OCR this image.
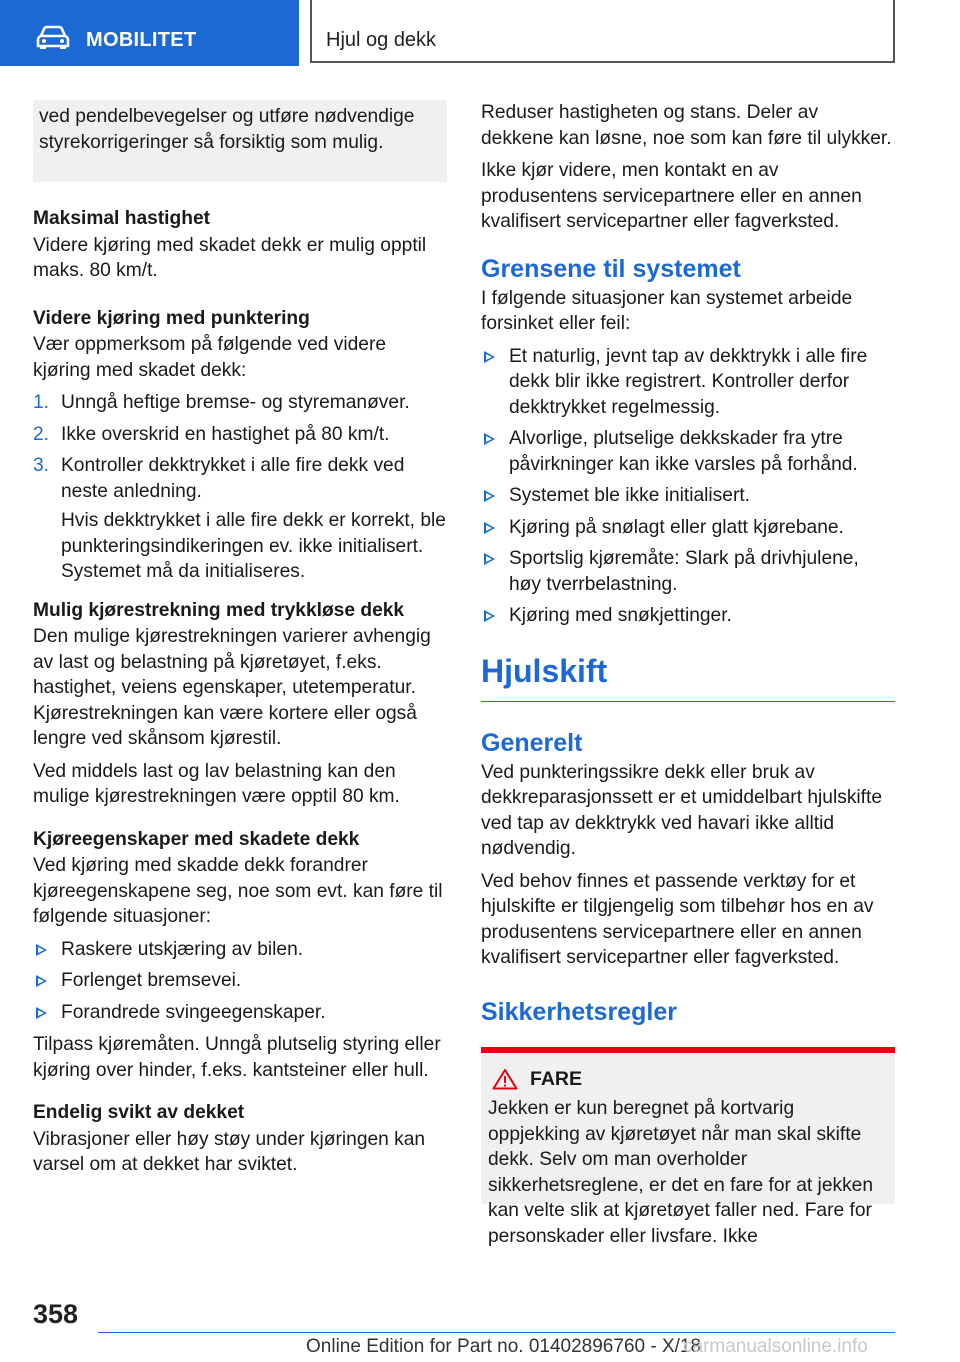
MOBILITET	Hjul og dekk

ved pendelbevegelser og utføre nødvendige styrekorrigeringer så forsiktig som mulig.

Maksimal hastighet

Videre kjøring med skadet dekk er mulig opptil maks. 80 km/t.

Videre kjøring med punktering

Vær oppmerksom på følgende ved videre kjøring med skadet dekk:

1. Unngå heftige bremse- og styremanøver.
2. Ikke overskrid en hastighet på 80 km/t.
3. Kontroller dekktrykket i alle fire dekk ved neste anledning.

Hvis dekktrykket i alle fire dekk er korrekt, ble punkteringsindikeringen ev. ikke initialisert. Systemet må da initialiseres.

Mulig kjørestrekning med trykkløse dekk

Den mulige kjørestrekningen varierer avhengig av last og belastning på kjøretøyet, f.eks. hastighet, veiens egenskaper, utetemperatur. Kjørestrekningen kan være kortere eller også lengre ved skånsom kjørestil.

Ved middels last og lav belastning kan den mulige kjørestrekningen være opptil 80 km.

Kjøreegenskaper med skadete dekk

Ved kjøring med skadde dekk forandrer kjøreegenskapene seg, noe som evt. kan føre til følgende situasjoner:

Raskere utskjæring av bilen.
Forlenget bremsevei.
Forandrede svingeegenskaper.

Tilpass kjøremåten. Unngå plutselig styring eller kjøring over hinder, f.eks. kantsteiner eller hull.

Endelig svikt av dekket

Vibrasjoner eller høy støy under kjøringen kan varsel om at dekket har sviktet.

Reduser hastigheten og stans. Deler av dekkene kan løsne, noe som kan føre til ulykker.

Ikke kjør videre, men kontakt en av produsentens servicepartnere eller en annen kvalifisert servicepartner eller fagverksted.

Grensene til systemet

I følgende situasjoner kan systemet arbeide forsinket eller feil:

Et naturlig, jevnt tap av dekktrykk i alle fire dekk blir ikke registrert. Kontroller derfor dekktrykket regelmessig.
Alvorlige, plutselige dekkskader fra ytre påvirkninger kan ikke varsles på forhånd.
Systemet ble ikke initialisert.
Kjøring på snølagt eller glatt kjørebane.
Sportslig kjøremåte: Slark på drivhjulene, høy tverrbelastning.
Kjøring med snøkjettinger.
Hjulskift
Generelt

Ved punkteringssikre dekk eller bruk av dekkreparasjonssett er et umiddelbart hjulskifte ved tap av dekktrykk ved havari ikke alltid nødvendig.

Ved behov finnes et passende verktøy for et hjulskifte er tilgjengelig som tilbehør hos en av produsentens servicepartnere eller en annen kvalifisert servicepartner eller fagverksted.

Sikkerhetsregler
FARE

Jekken er kun beregnet på kortvarig oppjekking av kjøretøyet når man skal skifte dekk. Selv om man overholder sikkerhetsreglene, er det en fare for at jekken kan velte slik at kjøretøyet faller ned. Fare for personskader eller livsfare. Ikke

358
Online Edition for Part no. 01402896760 - X/18
carmanualsonline.info
